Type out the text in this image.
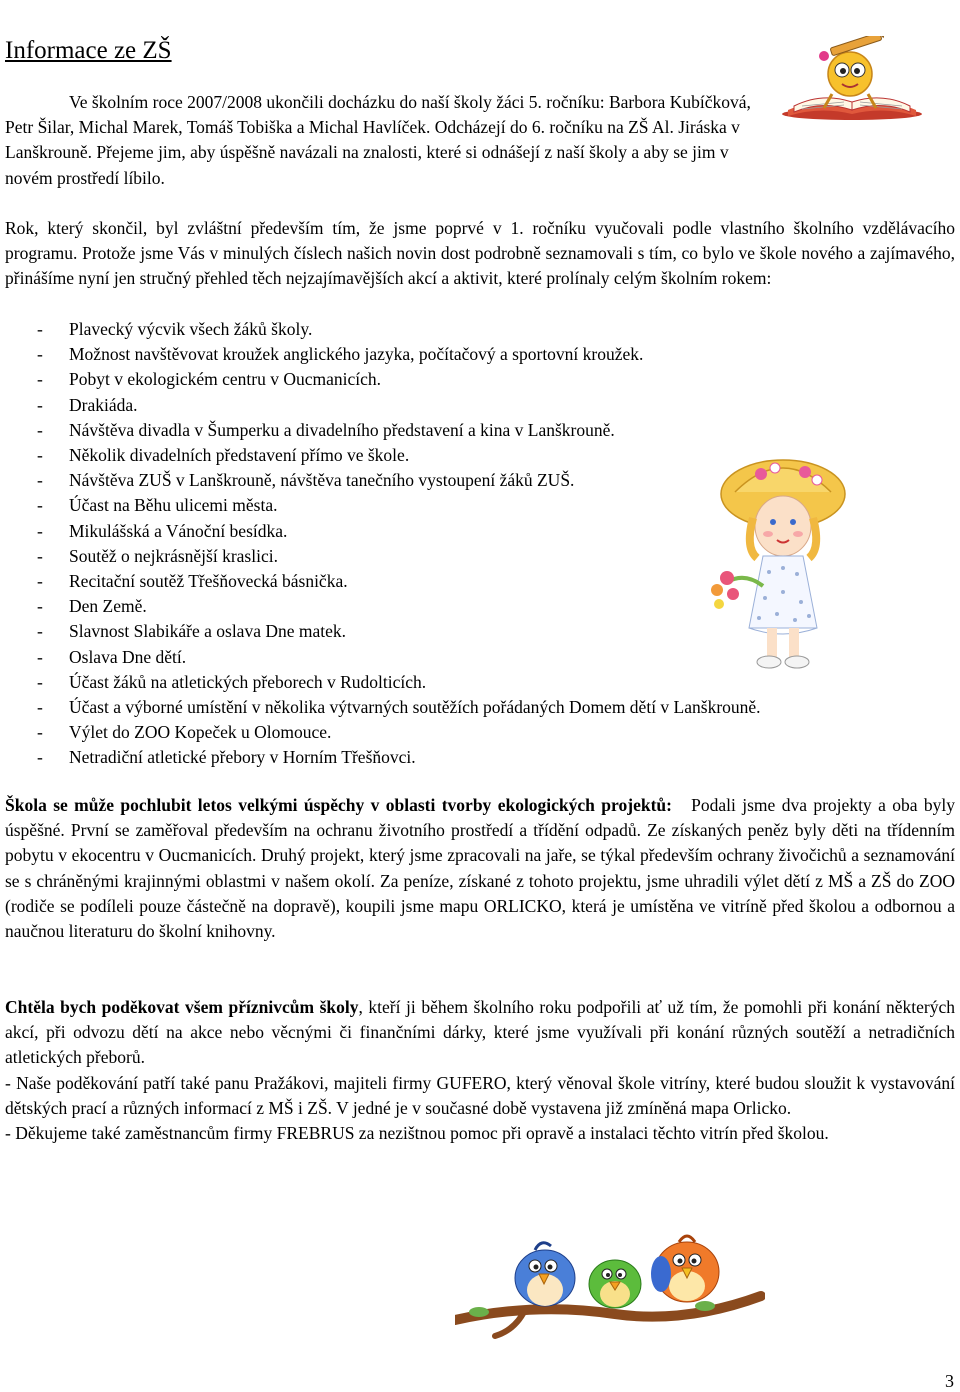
Informace ze ZŠ

Ve školním roce 2007/2008 ukončili docházku do naší školy žáci 5. ročníku: Barbora Kubíčková, Petr Šilar, Michal Marek, Tomáš Tobiška a Michal Havlíček. Odcházejí do 6. ročníku na ZŠ Al. Jiráska v Lanškrouně. Přejeme jim, aby úspěšně navázali na znalosti, které si odnášejí z naší školy a aby se jim v novém prostředí líbilo.

Rok, který skončil, byl zvláštní především tím, že jsme poprvé v 1. ročníku vyučovali podle vlastního školního vzdělávacího programu. Protože jsme Vás v minulých číslech našich novin dost podrobně seznamovali s tím, co bylo ve škole nového a zajímavého, přinášíme nyní jen stručný přehled těch nejzajímavějších akcí a aktivit, které prolínaly celým školním rokem:

- Plavecký výcvik všech žáků školy.
- Možnost navštěvovat kroužek anglického jazyka, počítačový a sportovní kroužek.
- Pobyt v ekologickém centru v Oucmanicích.
- Drakiáda.
- Návštěva divadla v Šumperku a divadelního představení a kina v Lanškrouně.
- Několik divadelních představení přímo ve škole.
- Návštěva ZUŠ v Lanškrouně, návštěva tanečního vystoupení žáků ZUŠ.
- Účast na Běhu ulicemi města.
- Mikulášská a Vánoční besídka.
- Soutěž o nejkrásnější kraslici.
- Recitační soutěž Třešňovecká básnička.
- Den Země.
- Slavnost Slabikáře a oslava Dne matek.
- Oslava Dne dětí.
- Účast žáků na atletických přeborech v Rudolticích.
- Účast a výborné umístění v několika výtvarných soutěžích pořádaných Domem dětí v Lanškrouně.
- Výlet do ZOO Kopeček u Olomouce.
- Netradiční atletické přebory v Horním Třešňovci.

Škola se může pochlubit letos velkými úspěchy v oblasti tvorby ekologických projektů: Podali jsme dva projekty a oba byly úspěšné. První se zaměřoval především na ochranu životního prostředí a třídění odpadů. Ze získaných peněz byly děti na třídenním pobytu v ekocentru v Oucmanicích. Druhý projekt, který jsme zpracovali na jaře, se týkal především ochrany živočichů a seznamování se s chráněnými krajinnými oblastmi v našem okolí. Za peníze, získané z tohoto projektu, jsme uhradili výlet dětí z MŠ a ZŠ do ZOO (rodiče se podíleli pouze částečně na dopravě), koupili jsme mapu ORLICKO, která je umístěna ve vitríně před školou a odbornou a naučnou literaturu do školní knihovny.

Chtěla bych poděkovat všem příznivcům školy, kteří ji během školního roku podpořili ať už tím, že pomohli při konání některých akcí, při odvozu dětí na akce nebo věcnými či finančními dárky, které jsme využívali při konání různých soutěží a netradičních atletických přeborů.
- Naše poděkování patří také panu Pražákovi, majiteli firmy GUFERO, který věnoval škole vitríny, které budou sloužit k vystavování dětských prací a různých informací z MŠ i ZŠ. V jedné je v současné době vystavena již zmíněná mapa Orlicko.
- Děkujeme také zaměstnancům firmy FREBRUS za nezištnou pomoc při opravě a instalaci těchto vitrín před školou.
3
